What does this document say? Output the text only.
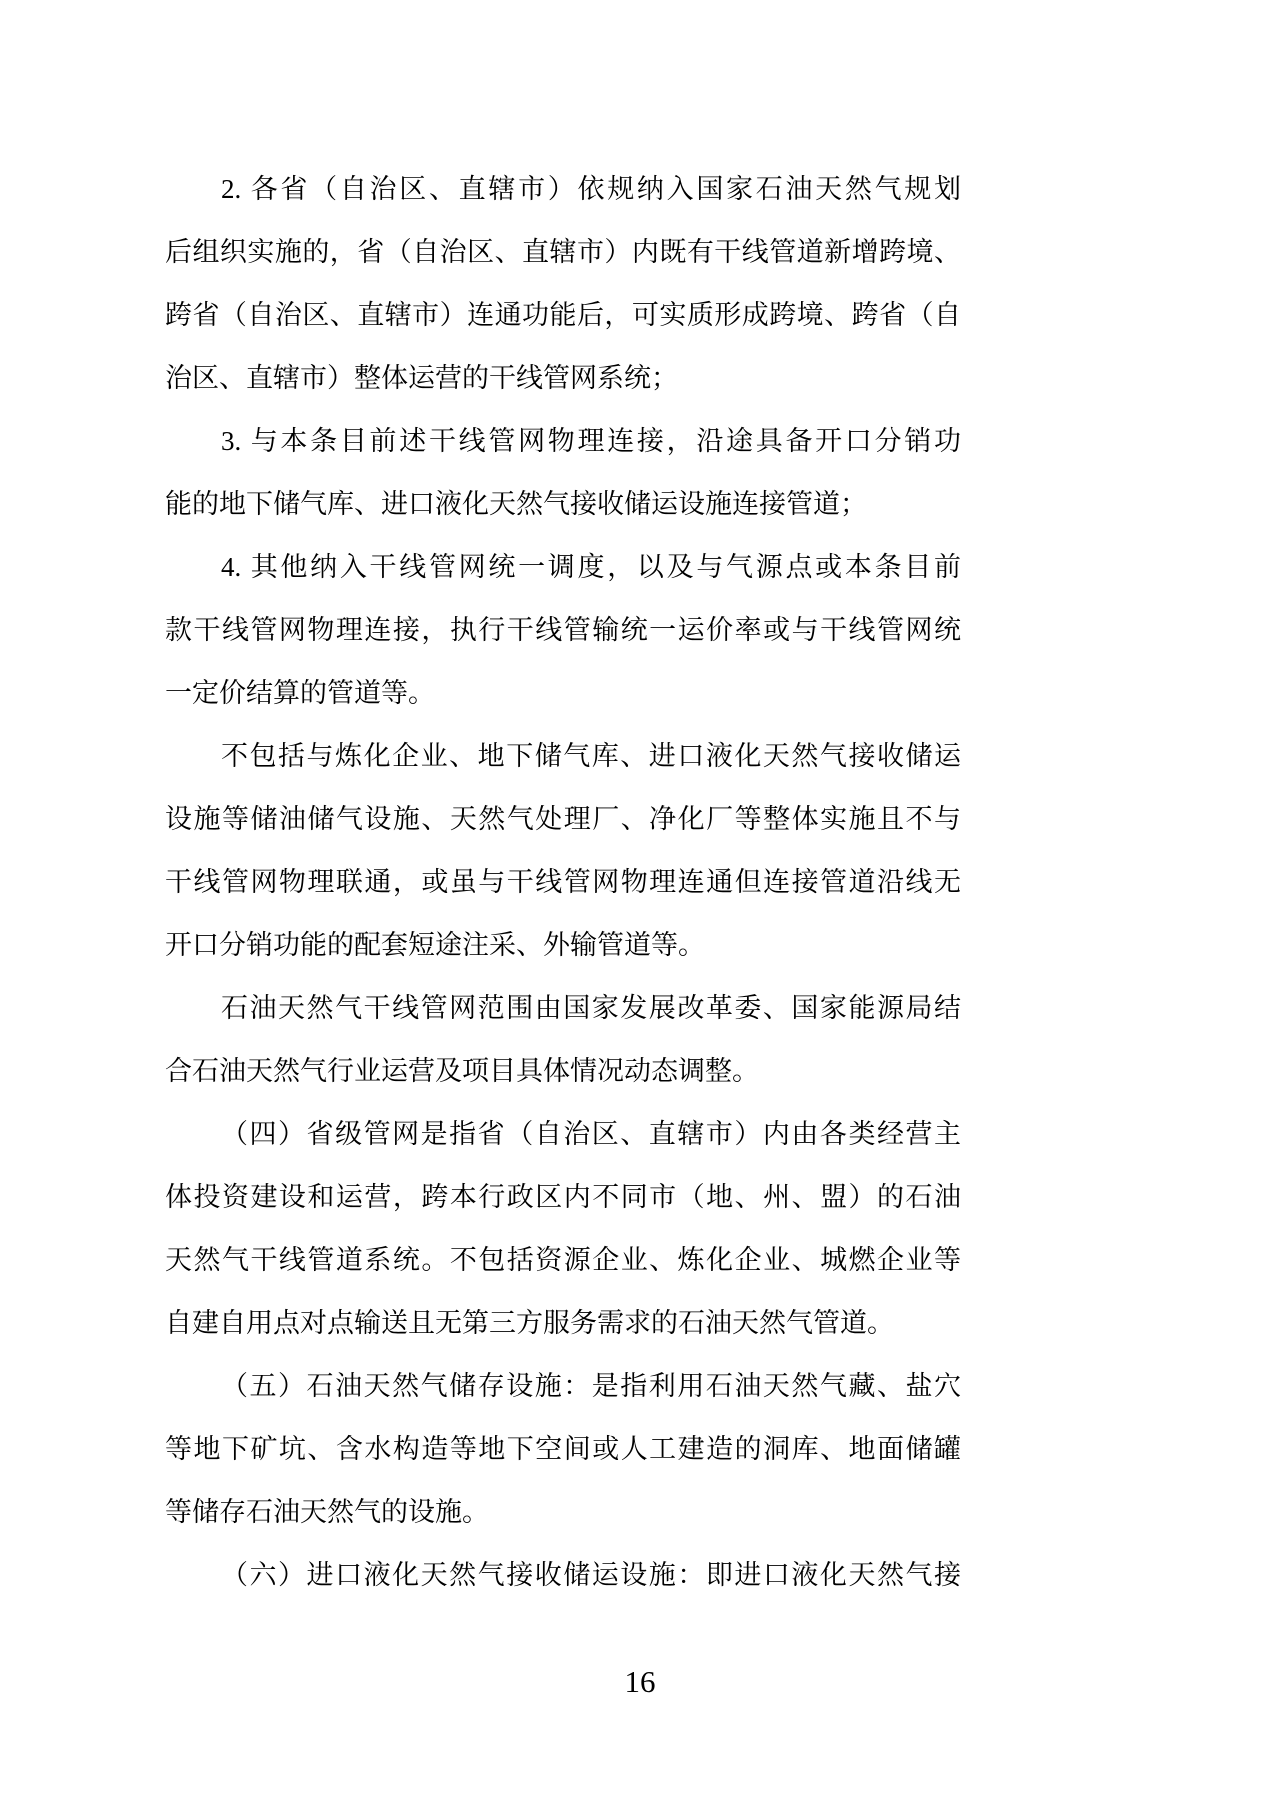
2. 各省（自治区、直辖市）依规纳入国家石油天然气规划
后组织实施的，省（自治区、直辖市）内既有干线管道新增跨境、
跨省（自治区、直辖市）连通功能后，可实质形成跨境、跨省（自
治区、直辖市）整体运营的干线管网系统；
3. 与本条目前述干线管网物理连接，沿途具备开口分销功
能的地下储气库、进口液化天然气接收储运设施连接管道；
4. 其他纳入干线管网统一调度，以及与气源点或本条目前
款干线管网物理连接，执行干线管输统一运价率或与干线管网统
一定价结算的管道等。
不包括与炼化企业、地下储气库、进口液化天然气接收储运
设施等储油储气设施、天然气处理厂、净化厂等整体实施且不与
干线管网物理联通，或虽与干线管网物理连通但连接管道沿线无
开口分销功能的配套短途注采、外输管道等。
石油天然气干线管网范围由国家发展改革委、国家能源局结
合石油天然气行业运营及项目具体情况动态调整。
（四）省级管网是指省（自治区、直辖市）内由各类经营主
体投资建设和运营，跨本行政区内不同市（地、州、盟）的石油
天然气干线管道系统。不包括资源企业、炼化企业、城燃企业等
自建自用点对点输送且无第三方服务需求的石油天然气管道。
（五）石油天然气储存设施：是指利用石油天然气藏、盐穴
等地下矿坑、含水构造等地下空间或人工建造的洞库、地面储罐
等储存石油天然气的设施。
（六）进口液化天然气接收储运设施：即进口液化天然气接
16
